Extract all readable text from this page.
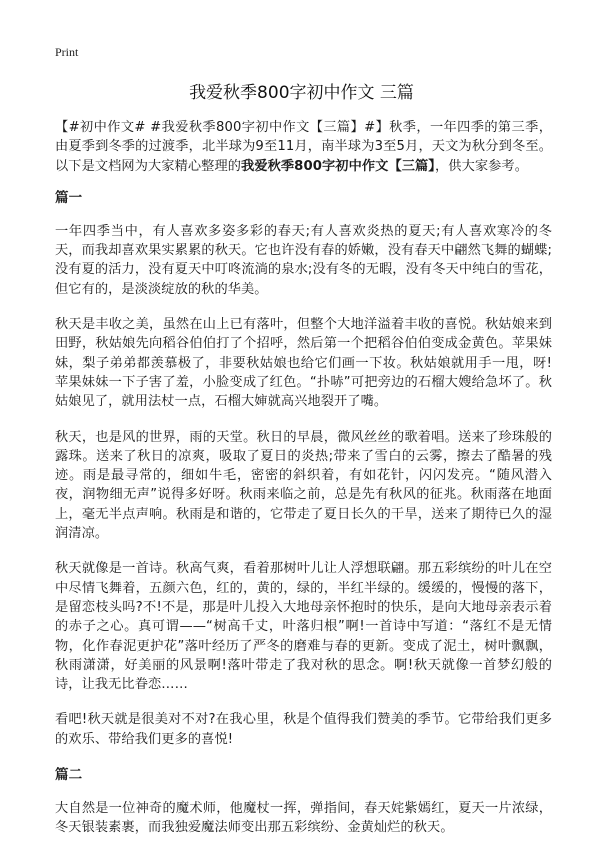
Print
我爱秋季800字初中作文 三篇

【#初中作文# #我爱秋季800字初中作文【三篇】#】秋季，一年四季的第三季，由夏季到冬季的过渡季，北半球为9至11月，南半球为3至5月，天文为秋分到冬至。以下是文档网为大家精心整理的我爱秋季800字初中作文【三篇】，供大家参考。

篇一

一年四季当中，有人喜欢多姿多彩的春天;有人喜欢炎热的夏天;有人喜欢寒冷的冬天，而我却喜欢果实累累的秋天。它也许没有春的娇嫩，没有春天中翩然飞舞的蝴蝶;没有夏的活力，没有夏天中叮咚流淌的泉水;没有冬的无暇，没有冬天中纯白的雪花，但它有的，是淡淡绽放的秋的华美。

秋天是丰收之美，虽然在山上已有落叶，但整个大地洋溢着丰收的喜悦。秋姑娘来到田野，秋姑娘先向稻谷伯伯打了个招呼，然后第一个把稻谷伯伯变成金黄色。苹果妹妹，梨子弟弟都羡慕极了，非要秋姑娘也给它们画一下妆。秋姑娘就用手一甩，呀!苹果妹妹一下子害了羞，小脸变成了红色。“扑哧”可把旁边的石榴大嫂给急坏了。秋姑娘见了，就用法杖一点，石榴大婶就高兴地裂开了嘴。

秋天，也是风的世界，雨的天堂。秋日的早晨，微风丝丝的歌着唱。送来了珍珠般的露珠。送来了秋日的凉爽，吸取了夏日的炎热;带来了雪白的云雾，擦去了酷暑的残迹。雨是最寻常的，细如牛毛，密密的斜织着，有如花针，闪闪发亮。“随风潜入夜，润物细无声”说得多好呀。秋雨来临之前，总是先有秋风的征兆。秋雨落在地面上，毫无半点声响。秋雨是和谐的，它带走了夏日长久的干旱，送来了期待已久的湿润清凉。

秋天就像是一首诗。秋高气爽，看着那树叶儿让人浮想联翩。那五彩缤纷的叶儿在空中尽情飞舞着，五颜六色，红的，黄的，绿的，半红半绿的。缓缓的，慢慢的落下，是留恋枝头吗?不!不是，那是叶儿投入大地母亲怀抱时的快乐，是向大地母亲表示着的赤子之心。真可谓——“树高千丈，叶落归根”啊!一首诗中写道：“落红不是无情物，化作春泥更护花”落叶经历了严冬的磨难与春的更新。变成了泥土，树叶飘飘，秋雨潇潇，好美丽的风景啊!落叶带走了我对秋的思念。啊!秋天就像一首梦幻般的诗，让我无比眷恋……

看吧!秋天就是很美对不对?在我心里，秋是个值得我们赞美的季节。它带给我们更多的欢乐、带给我们更多的喜悦!

篇二

大自然是一位神奇的魔术师，他魔杖一挥，弹指间，春天姹紫嫣红，夏天一片浓绿，冬天银装素裹，而我独爱魔法师变出那五彩缤纷、金黄灿烂的秋天。
